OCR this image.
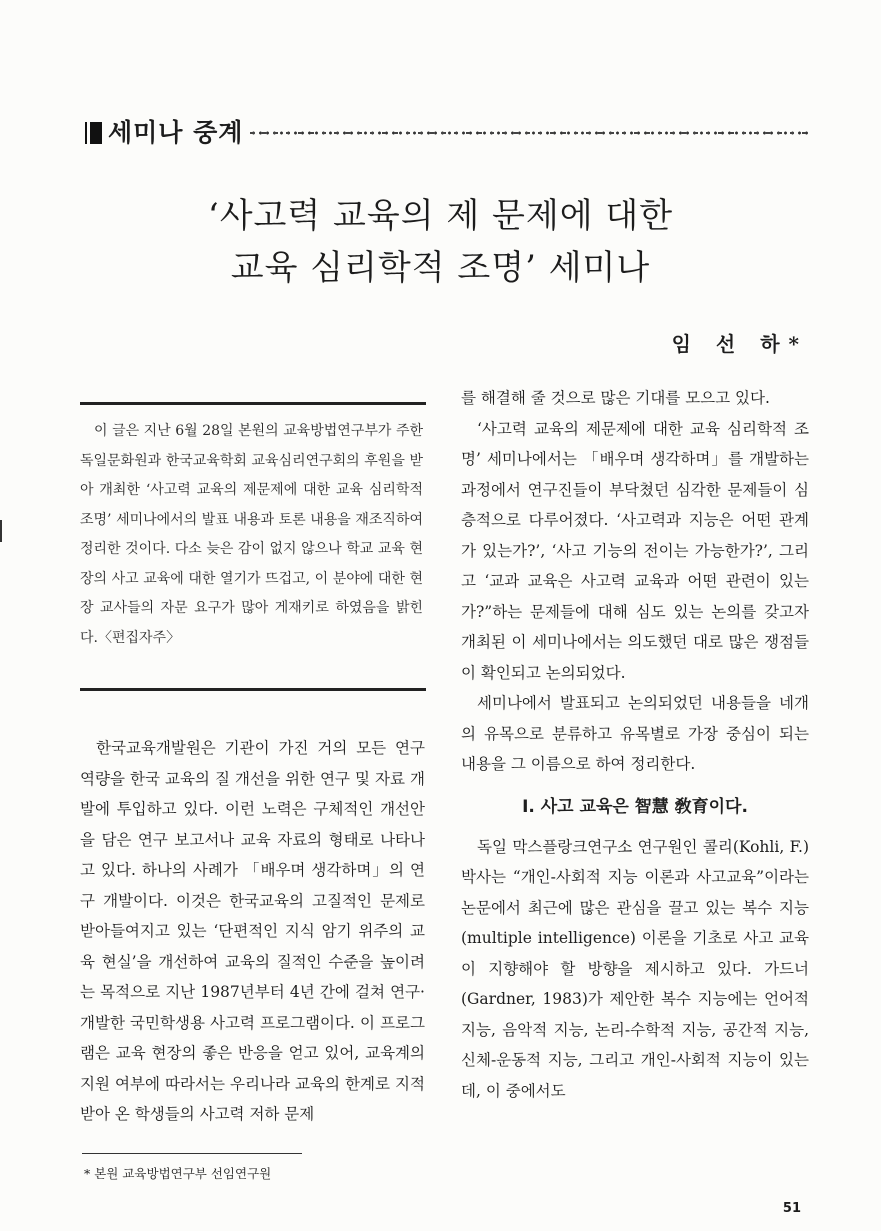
세미나 중계
‘사고력 교육의 제 문제에 대한
교육 심리학적 조명’ 세미나
임 선 하*

이 글은 지난 6월 28일 본원의 교육방법연구부가 주한 독일문화원과 한국교육학회 교육심리연구회의 후원을 받아 개최한 ‘사고력 교육의 제문제에 대한 교육 심리학적 조명’ 세미나에서의 발표 내용과 토론 내용을 재조직하여 정리한 것이다. 다소 늦은 감이 없지 않으나 학교 교육 현장의 사고 교육에 대한 열기가 뜨겁고, 이 분야에 대한 현장 교사들의 자문 요구가 많아 게재키로 하였음을 밝힌다.〈편집자주〉

한국교육개발원은 기관이 가진 거의 모든 연구 역량을 한국 교육의 질 개선을 위한 연구 및 자료 개발에 투입하고 있다. 이런 노력은 구체적인 개선안을 담은 연구 보고서나 교육 자료의 형태로 나타나고 있다. 하나의 사례가 「배우며 생각하며」의 연구 개발이다. 이것은 한국교육의 고질적인 문제로 받아들여지고 있는 ‘단편적인 지식 암기 위주의 교육 현실’을 개선하여 교육의 질적인 수준을 높이려는 목적으로 지난 1987년부터 4년 간에 걸쳐 연구·개발한 국민학생용 사고력 프로그램이다. 이 프로그램은 교육 현장의 좋은 반응을 얻고 있어, 교육계의 지원 여부에 따라서는 우리나라 교육의 한계로 지적받아 온 학생들의 사고력 저하 문제

를 해결해 줄 것으로 많은 기대를 모으고 있다.

‘사고력 교육의 제문제에 대한 교육 심리학적 조명’ 세미나에서는 「배우며 생각하며」를 개발하는 과정에서 연구진들이 부닥쳤던 심각한 문제들이 심층적으로 다루어졌다. ‘사고력과 지능은 어떤 관계가 있는가?’, ‘사고 기능의 전이는 가능한가?’, 그리고 ‘교과 교육은 사고력 교육과 어떤 관련이 있는가?”하는 문제들에 대해 심도 있는 논의를 갖고자 개최된 이 세미나에서는 의도했던 대로 많은 쟁점들이 확인되고 논의되었다.

세미나에서 발표되고 논의되었던 내용들을 네개의 유목으로 분류하고 유목별로 가장 중심이 되는 내용을 그 이름으로 하여 정리한다.

Ⅰ. 사고 교육은 智慧 敎育이다.

독일 막스플랑크연구소 연구원인 콜리(Kohli, F.)박사는 “개인-사회적 지능 이론과 사고교육”이라는 논문에서 최근에 많은 관심을 끌고 있는 복수 지능(multiple intelligence) 이론을 기초로 사고 교육이 지향해야 할 방향을 제시하고 있다. 가드너(Gardner, 1983)가 제안한 복수 지능에는 언어적 지능, 음악적 지능, 논리-수학적 지능, 공간적 지능, 신체-운동적 지능, 그리고 개인-사회적 지능이 있는데, 이 중에서도

* 본원 교육방법연구부 선임연구원
51
